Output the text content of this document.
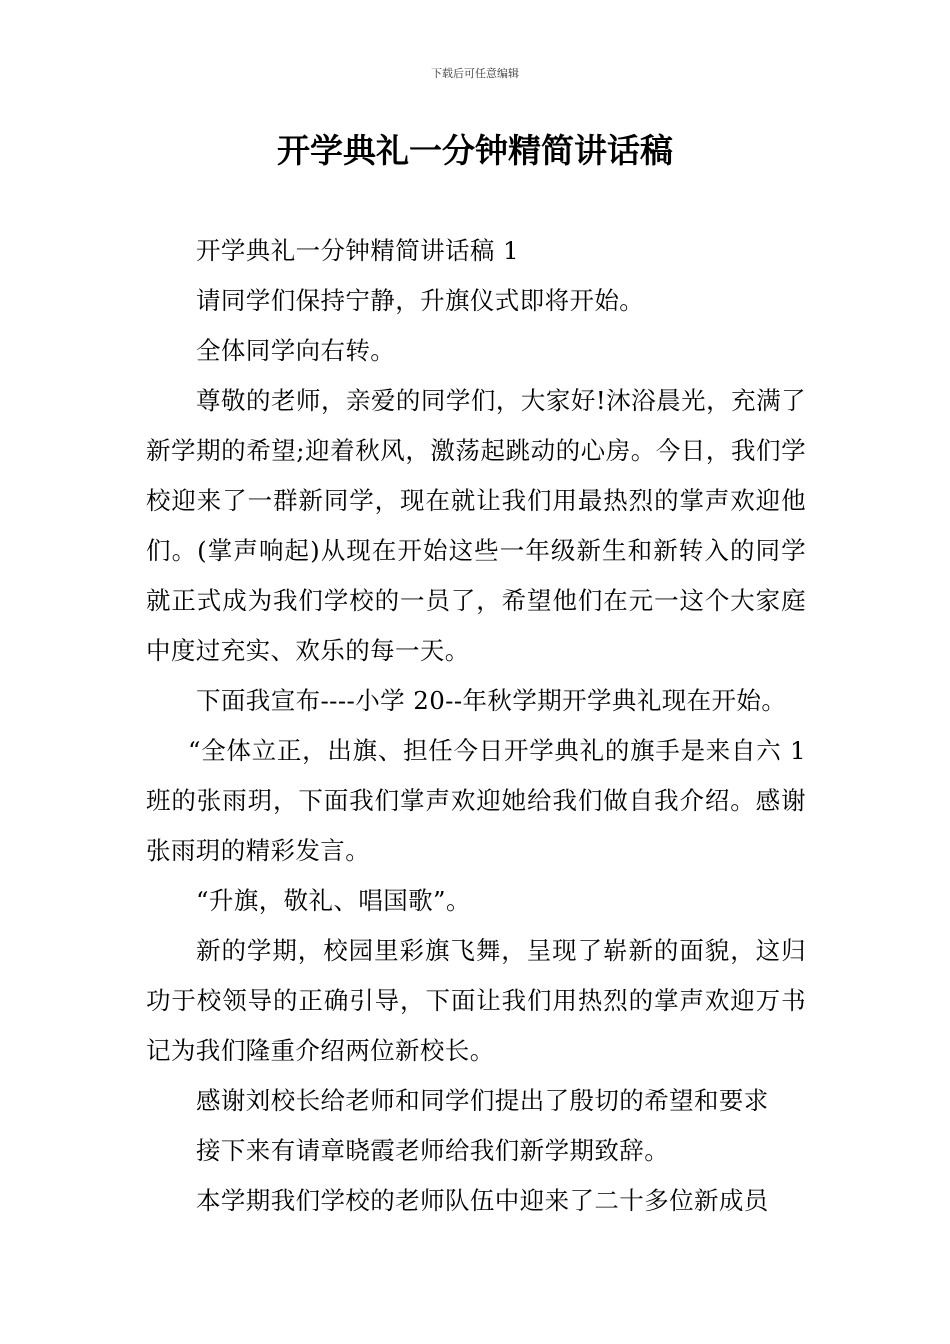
下载后可任意编辑
开学典礼一分钟精简讲话稿

开学典礼一分钟精简讲话稿 1

请同学们保持宁静，升旗仪式即将开始。

全体同学向右转。

尊敬的老师，亲爱的同学们，大家好!沐浴晨光，充满了新学期的希望;迎着秋风，激荡起跳动的心房。今日，我们学校迎来了一群新同学，现在就让我们用最热烈的掌声欢迎他们。(掌声响起)从现在开始这些一年级新生和新转入的同学就正式成为我们学校的一员了，希望他们在元一这个大家庭中度过充实、欢乐的每一天。

下面我宣布----小学 20--年秋学期开学典礼现在开始。

“全体立正，出旗、担任今日开学典礼的旗手是来自六 1 班的张雨玥，下面我们掌声欢迎她给我们做自我介绍。感谢张雨玥的精彩发言。

“升旗，敬礼、唱国歌”。

新的学期，校园里彩旗飞舞，呈现了崭新的面貌，这归功于校领导的正确引导，下面让我们用热烈的掌声欢迎万书记为我们隆重介绍两位新校长。

感谢刘校长给老师和同学们提出了殷切的希望和要求

接下来有请章晓霞老师给我们新学期致辞。

本学期我们学校的老师队伍中迎来了二十多位新成员
